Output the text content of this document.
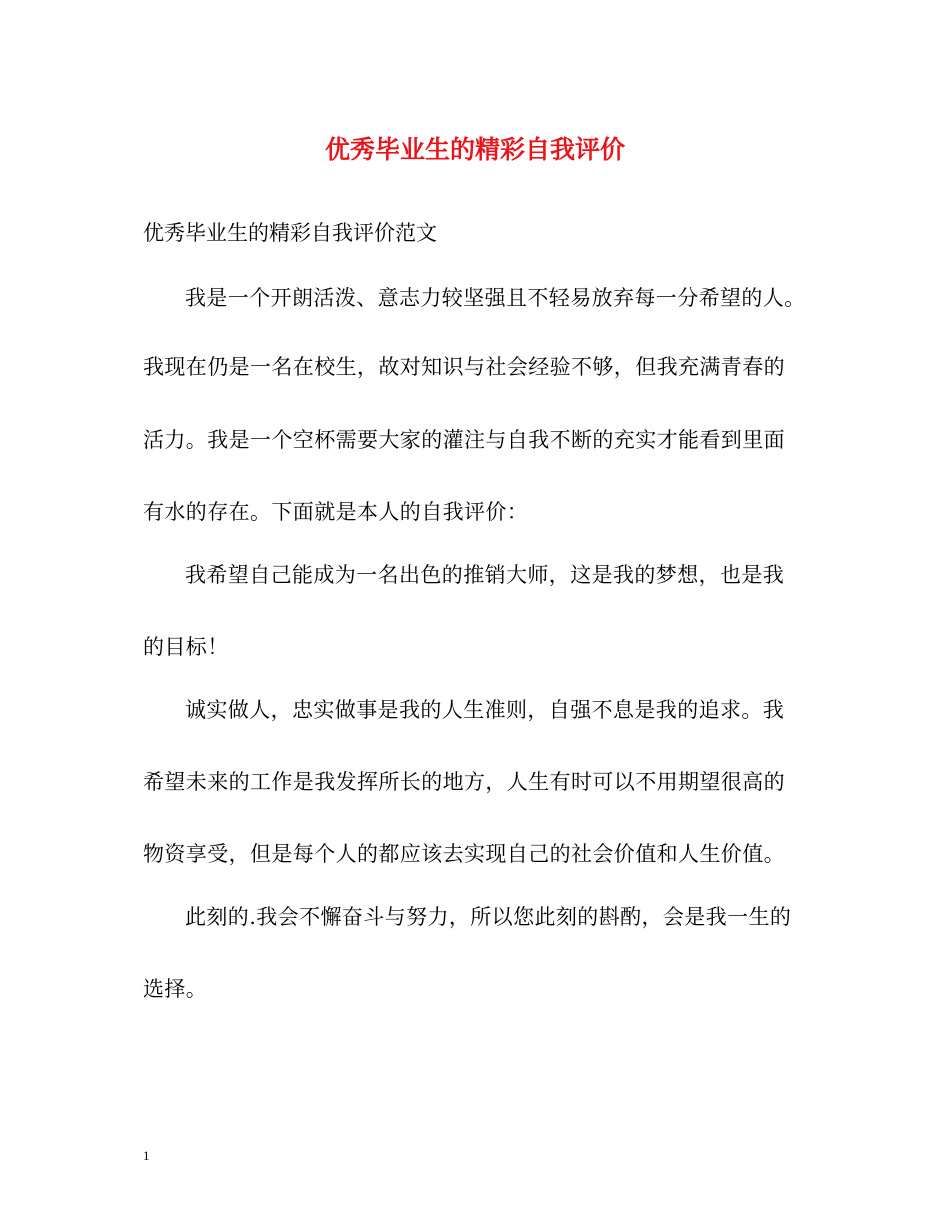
优秀毕业生的精彩自我评价
优秀毕业生的精彩自我评价范文
我是一个开朗活泼、意志力较坚强且不轻易放弃每一分希望的人。
我现在仍是一名在校生，故对知识与社会经验不够，但我充满青春的
活力。我是一个空杯需要大家的灌注与自我不断的充实才能看到里面
有水的存在。下面就是本人的自我评价：
我希望自己能成为一名出色的推销大师，这是我的梦想，也是我
的目标！
诚实做人，忠实做事是我的人生准则，自强不息是我的追求。我
希望未来的工作是我发挥所长的地方，人生有时可以不用期望很高的
物资享受，但是每个人的都应该去实现自己的社会价值和人生价值。
此刻的.我会不懈奋斗与努力，所以您此刻的斟酌，会是我一生的
选择。
1
